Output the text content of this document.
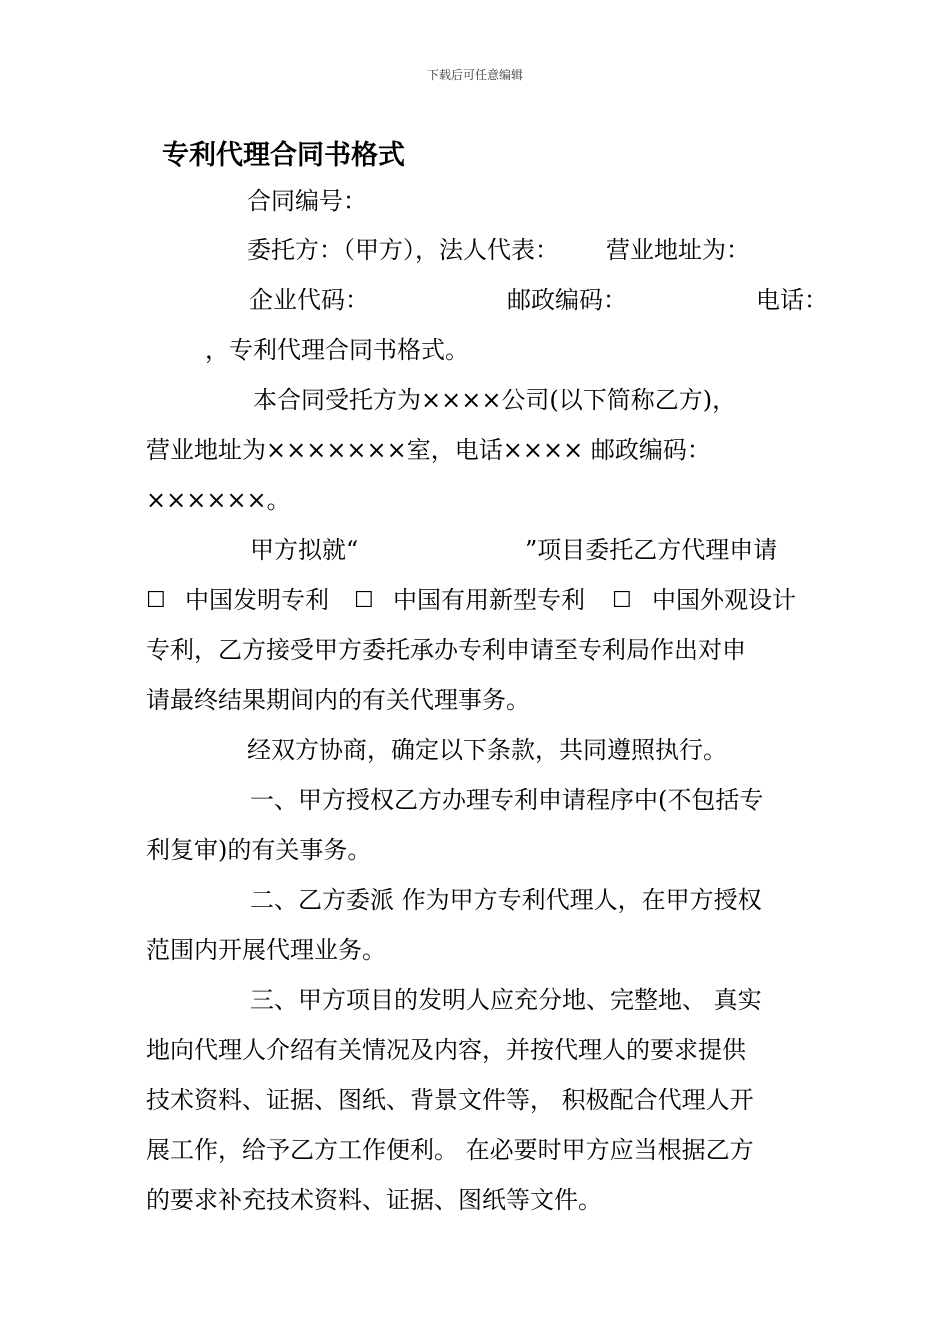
下载后可任意编辑
专利代理合同书格式
合同编号：
委托方：（甲方），法人代表： 营业地址为：
企业代码：	邮政编码：	电话：
，专利代理合同书格式。
本合同受托方为××××公司(以下简称乙方)，
营业地址为×××××××室，电话×××× 邮政编码：
××××××。
甲方拟就“	”项目委托乙方代理申请
☐ 中国发明专利 ☐ 中国有用新型专利 ☐ 中国外观设计
专利，乙方接受甲方委托承办专利申请至专利局作出对申
请最终结果期间内的有关代理事务。
经双方协商，确定以下条款，共同遵照执行。
一、甲方授权乙方办理专利申请程序中(不包括专
利复审)的有关事务。
二、乙方委派 作为甲方专利代理人，在甲方授权
范围内开展代理业务。
三、甲方项目的发明人应充分地、完整地、 真实
地向代理人介绍有关情况及内容，并按代理人的要求提供
技术资料、证据、图纸、背景文件等， 积极配合代理人开
展工作，给予乙方工作便利。 在必要时甲方应当根据乙方
的要求补充技术资料、证据、图纸等文件。
